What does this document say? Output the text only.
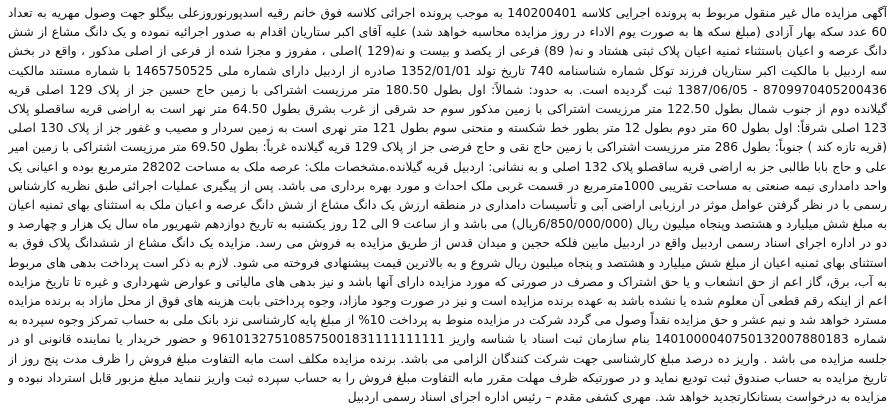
آگهی مزایده مال غیر منقول مربوط به پرونده اجرایی کلاسه 140200401 به موجب پرونده اجرائی کلاسه فوق خانم رقیه اسدپورنوروزعلی بیگلو جهت وصول مهریه به تعداد 60 عدد سکه بهار آزادی (مبلغ سکه ها به صورت یوم الاداء در روز مزایده محاسبه خواهد شد) علیه آقای اکبر ستاریان اقدام به صدور اجرائیه نموده و یک دانگ مشاع از شش دانگ عرصه و اعیان باستثناء ثمنیه اعیان پلاک ثبتی هشتاد و نه( 89) فرعی از یکصد و بیست و نه(129 )اصلی ، مفروز و مجزا شده از فرعی از اصلی مذکور ، واقع در بخش سه اردبیل با مالکیت اکبر ستاریان فرزند توکل شماره شناسنامه 740 تاریخ تولد 1352/01/01 صادره از اردبیل دارای شماره ملی 1465750525 با شماره مستند مالکیت 8709970405200436 - 1387/06/05 ثبت گردیده است. به حدود: شمالاً: اول بطول 180.50 متر مرزیست اشتراکی با زمین حاج حسین جز از پلاک 129 اصلی قریه گیلانده دوم از جنوب شمال بطول 122.50 متر مرزیست اشتراکی با زمین مذکور سوم حد شرقی از غرب بشرق بطول 64.50 متر نهر است به اراضی قریه ساقصلو پلاک 123 اصلی شرقاً: اول بطول 60 متر دوم بطول 12 متر بطور خط شکسته و منحنی سوم بطول 121 متر نهری است به زمین سردار و مصیب و غفور جز از پلاک 130 اصلی (قریه تازه کند ) جنوباً: بطول 286 متر مرزیست اشتراکی با زمین حاج نقی و حاج فرضی جز از پلاک 129 قریه گیلانده غرباً: بطول 69.50 متر مرزیست اشتراکی با زمین امیر علی و حاج بابا طالبی جز به اراضی قریه ساقصلو پلاک 132 اصلی و به نشانی: اردبیل قریه گیلانده.مشخصات ملک: عرصه ملک به مساحت 28202 مترمربع بوده و اعیانی یک واحد دامداری نیمه صنعتی به مساحت تقریبی 1000مترمربع در قسمت غربی ملک احداث و مورد بهره برداری می باشد. پس از پیگیری عملیات اجرائی طبق نظریه کارشناس رسمی با در نظر گرفتن عوامل موثر در ارزیابی اراضی آبی و تأسیسات دامداری در منطقه ارزش یک دانگ مشاع از شش دانگ عرصه و اعیان ملک به استثنای بهای ثمنیه اعیان به مبلغ شش میلیارد و هشتصد وپنجاه میلیون ریال (6/850/000/000ریال) می باشد و از ساعت 9 الی 12 روز یکشنبه به تاریخ دوازدهم شهریور ماه سال یک هزار و چهارصد و دو در اداره اجرای اسناد رسمی اردبیل واقع در اردبیل مابین فلکه حجین و میدان قدس از طریق مزایده به فروش می رسد. مزایده یک دانگ مشاع از ششدانگ پلاک فوق به استثنای بهای ثمنیه اعیان از مبلغ شش میلیارد و هشتصد و پنجاه میلیون ریال شروع و به بالاترین قیمت پیشنهادی فروخته می شود. لازم به ذکر است پرداخت بدهی های مربوط به آب، برق، گاز اعم از حق انشعاب و یا حق اشتراک و مصرف در صورتی که مورد مزایده دارای آنها باشد و نیز بدهی های مالیاتی و عوارض شهرداری و غیره تا تاریخ مزایده اعم از اینکه رقم قطعی آن معلوم شده یا نشده باشد به عهده برنده مزایده است و نیز در صورت وجود مازاد، وجوه پرداختی بابت هزینه های فوق از محل مازاد به برنده مزایده مسترد خواهد شد و نیم عشر و حق مزایده نقداً وصول می گردد شرکت در مزایده منوط به پرداخت 10% از مبلغ پایه کارشناسی نزد بانک ملی به حساب تمرکز وجوه سپرده به شماره 1401000040750132007880183 بنام سازمان ثبت اسناد با شناسه واریز 961013275108575001831111111111 و حضور خریدار یا نماینده قانونی او در جلسه مزایده می باشد . واریز ده درصد مبلغ کارشناسی جهت شرکت کنندگان الزامی می باشد. برنده مزایده مکلف است مابه التفاوت مبلغ فروش را ظرف مدت پنج روز از تاریخ مزایده به حساب صندوق ثبت تودیع نماید و در صورتیکه ظرف مهلت مقرر مابه التفاوت مبلغ فروش را به حساب سپرده ثبت واریز ننماید مبلغ مزبور قابل استرداد نبوده و مزایده به درخواست بستانکارتجدید خواهد شد. مهری کشفی مقدم – رئیس اداره اجرای اسناد رسمی اردبیل
